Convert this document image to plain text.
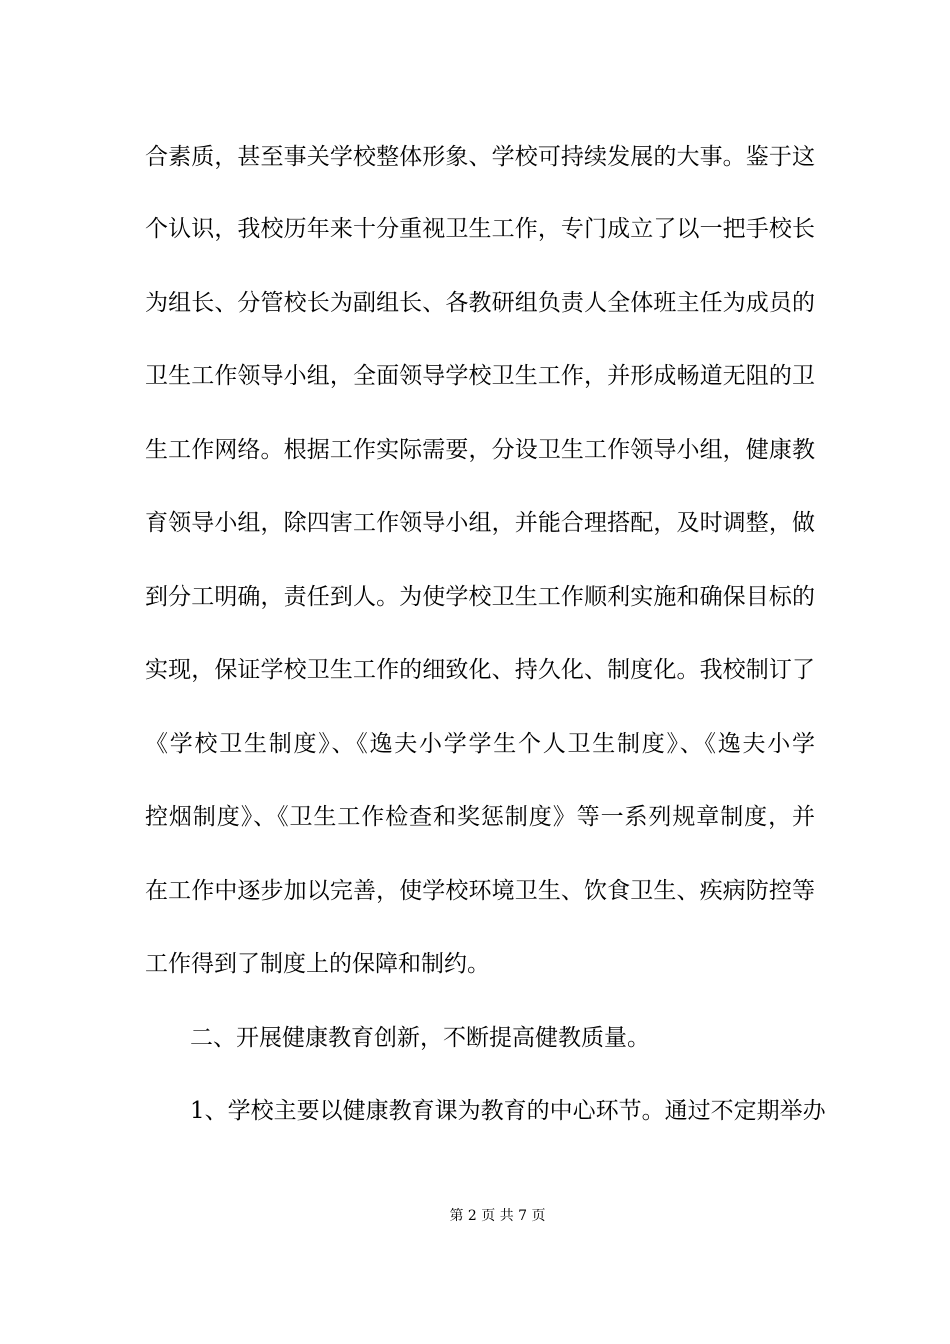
合素质，甚至事关学校整体形象、学校可持续发展的大事。鉴于这
个认识，我校历年来十分重视卫生工作，专门成立了以一把手校长
为组长、分管校长为副组长、各教研组负责人全体班主任为成员的
卫生工作领导小组，全面领导学校卫生工作，并形成畅道无阻的卫
生工作网络。根据工作实际需要，分设卫生工作领导小组，健康教
育领导小组，除四害工作领导小组，并能合理搭配，及时调整，做
到分工明确，责任到人。为使学校卫生工作顺利实施和确保目标的
实现，保证学校卫生工作的细致化、持久化、制度化。我校制订了
《学校卫生制度》、《逸夫小学学生个人卫生制度》、《逸夫小学
控烟制度》、《卫生工作检查和奖惩制度》等一系列规章制度，并
在工作中逐步加以完善，使学校环境卫生、饮食卫生、疾病防控等
工作得到了制度上的保障和制约。
二、开展健康教育创新，不断提高健教质量。
1、学校主要以健康教育课为教育的中心环节。通过不定期举办
第 2 页 共 7 页
